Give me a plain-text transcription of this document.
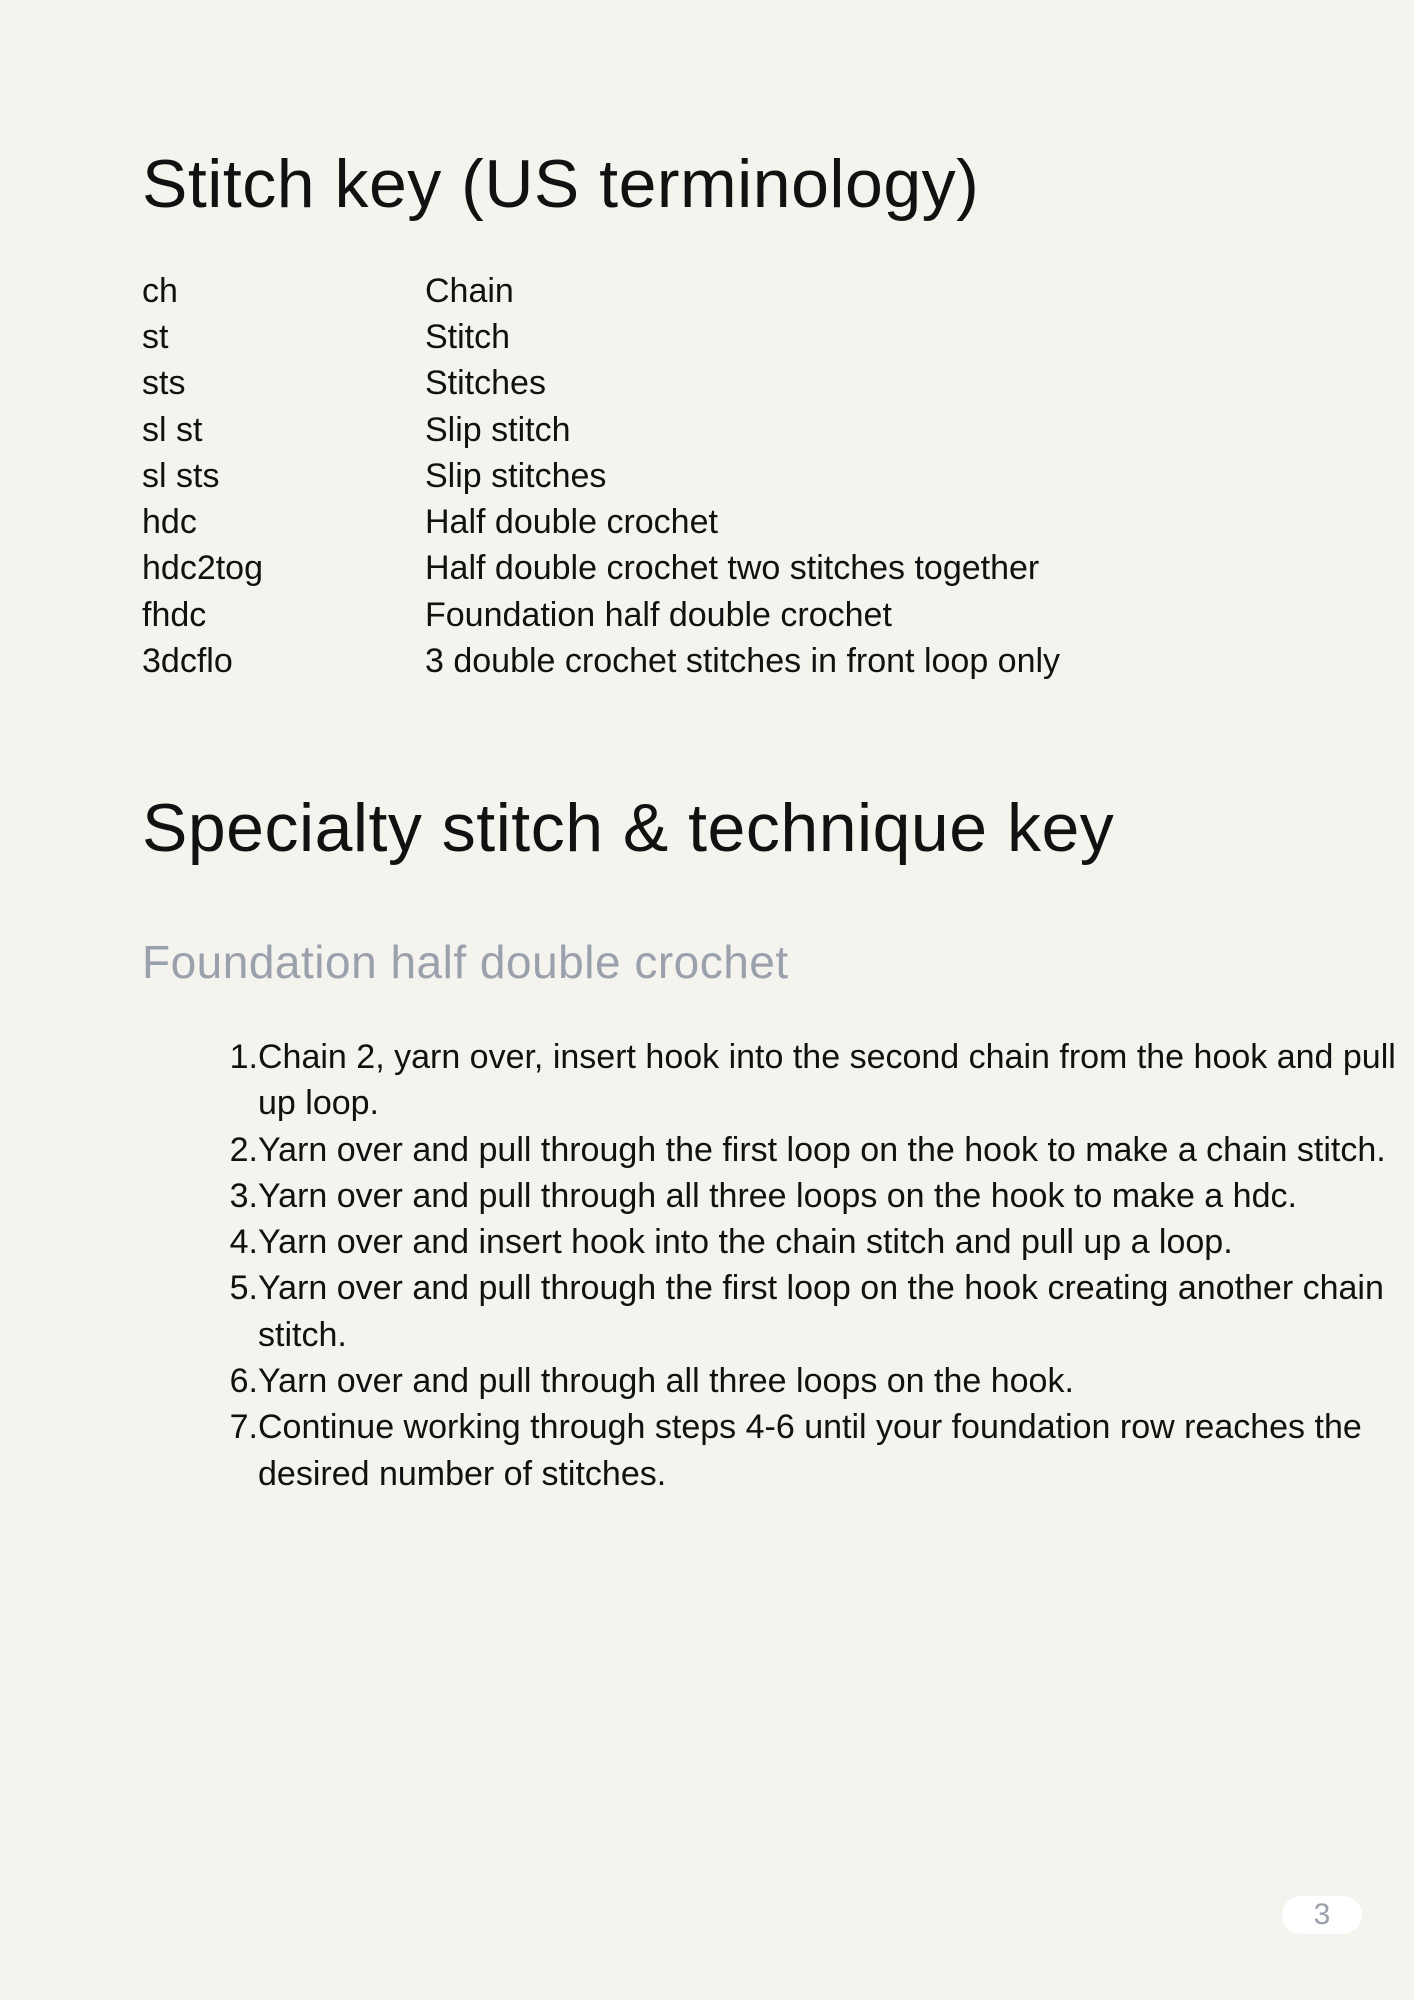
Stitch key (US terminology)
ch	Chain
st	Stitch
sts	Stitches
sl st	Slip stitch
sl sts	Slip stitches
hdc	Half double crochet
hdc2tog	Half double crochet two stitches together
fhdc	Foundation half double crochet
3dcflo	3 double crochet stitches in front loop only
Specialty stitch & technique key
Foundation half double crochet
1. Chain 2, yarn over, insert hook into the second chain from the hook and pull up loop.
2. Yarn over and pull through the first loop on the hook to make a chain stitch.
3. Yarn over and pull through all three loops on the hook to make a hdc.
4. Yarn over and insert hook into the chain stitch and pull up a loop.
5. Yarn over and pull through the first loop on the hook creating another chain stitch.
6. Yarn over and pull through all three loops on the hook.
7. Continue working through steps 4-6 until your foundation row reaches the desired number of stitches.
3
